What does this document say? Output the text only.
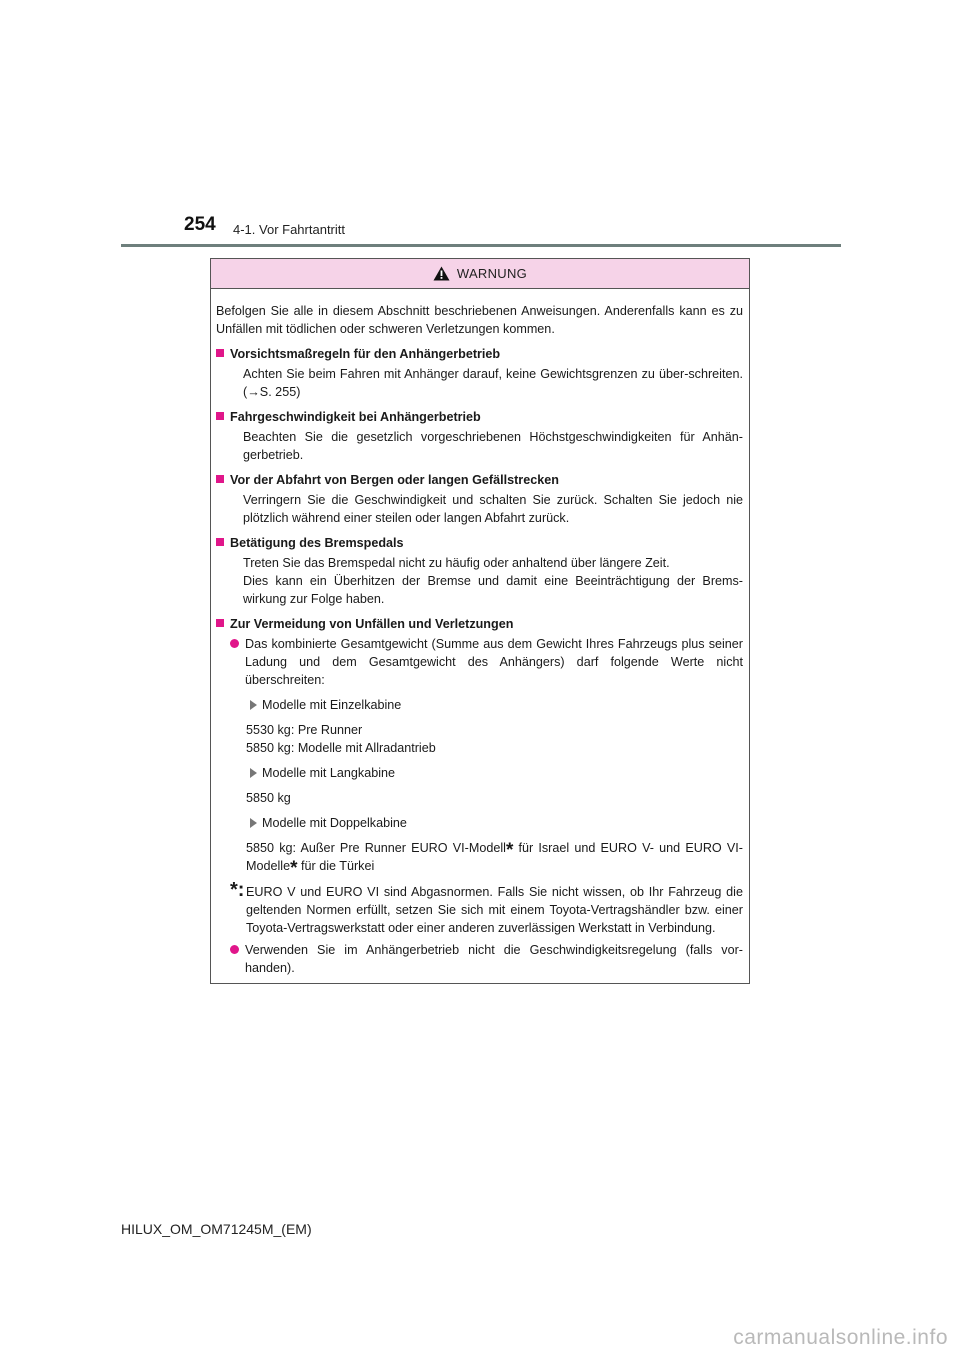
254 4-1. Vor Fahrtantritt
WARNUNG

Befolgen Sie alle in diesem Abschnitt beschriebenen Anweisungen. Anderenfalls kann es zu Unfällen mit tödlichen oder schweren Verletzungen kommen.

Vorsichtsmaßregeln für den Anhängerbetrieb

Achten Sie beim Fahren mit Anhänger darauf, keine Gewichtsgrenzen zu über-schreiten. (→S. 255)

Fahrgeschwindigkeit bei Anhängerbetrieb

Beachten Sie die gesetzlich vorgeschriebenen Höchstgeschwindigkeiten für Anhän-gerbetrieb.

Vor der Abfahrt von Bergen oder langen Gefällstrecken

Verringern Sie die Geschwindigkeit und schalten Sie zurück. Schalten Sie jedoch nie plötzlich während einer steilen oder langen Abfahrt zurück.

Betätigung des Bremspedals

Treten Sie das Bremspedal nicht zu häufig oder anhaltend über längere Zeit.

Dies kann ein Überhitzen der Bremse und damit eine Beeinträchtigung der Brems-wirkung zur Folge haben.

Zur Vermeidung von Unfällen und Verletzungen
Das kombinierte Gesamtgewicht (Summe aus dem Gewicht Ihres Fahrzeugs plus seiner Ladung und dem Gesamtgewicht des Anhängers) darf folgende Werte nicht überschreiten:
Modelle mit Einzelkabine
5530 kg: Pre Runner
5850 kg: Modelle mit Allradantrieb
Modelle mit Langkabine
5850 kg
Modelle mit Doppelkabine
5850 kg: Außer Pre Runner EURO VI-Modell* für Israel und EURO V- und EURO VI-Modelle* für die Türkei
*: EURO V und EURO VI sind Abgasnormen. Falls Sie nicht wissen, ob Ihr Fahrzeug die geltenden Normen erfüllt, setzen Sie sich mit einem Toyota-Vertragshändler bzw. einer Toyota-Vertragswerkstatt oder einer anderen zuverlässigen Werkstatt in Verbindung.
Verwenden Sie im Anhängerbetrieb nicht die Geschwindigkeitsregelung (falls vor-handen).
HILUX_OM_OM71245M_(EM)
carmanualsonline.info
